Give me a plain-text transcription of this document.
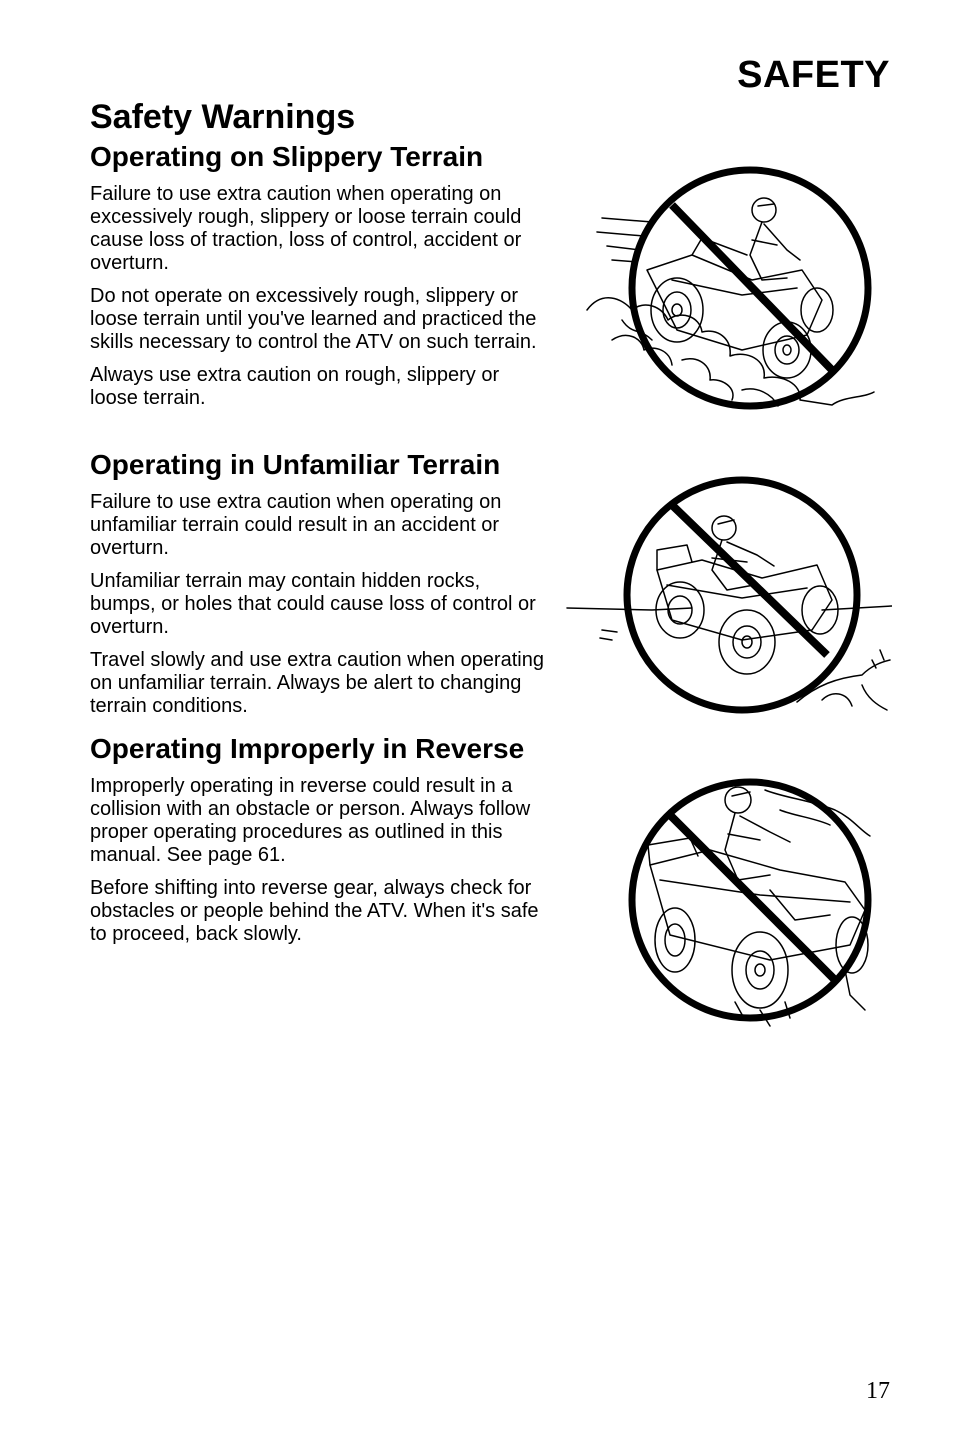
SAFETY
Safety Warnings
Operating on Slippery Terrain

Failure to use extra caution when operating on excessively rough, slippery or loose terrain could cause loss of traction, loss of control, accident or overturn.

Do not operate on excessively rough, slippery or loose terrain until you've learned and practiced the skills necessary to control the ATV on such terrain.

Always use extra caution on rough, slippery or loose terrain.

Operating in Unfamiliar Terrain

Failure to use extra caution when operating on unfamiliar terrain could result in an accident or overturn.

Unfamiliar terrain may contain hidden rocks, bumps, or holes that could cause loss of control or overturn.

Travel slowly and use extra caution when operating on unfamiliar terrain. Always be alert to changing terrain conditions.

Operating Improperly in Reverse

Improperly operating in reverse could result in a collision with an obstacle or person. Always follow proper operating procedures as outlined in this manual. See page 61.

Before shifting into reverse gear, always check for obstacles or people behind the ATV. When it's safe to proceed, back slowly.

17
